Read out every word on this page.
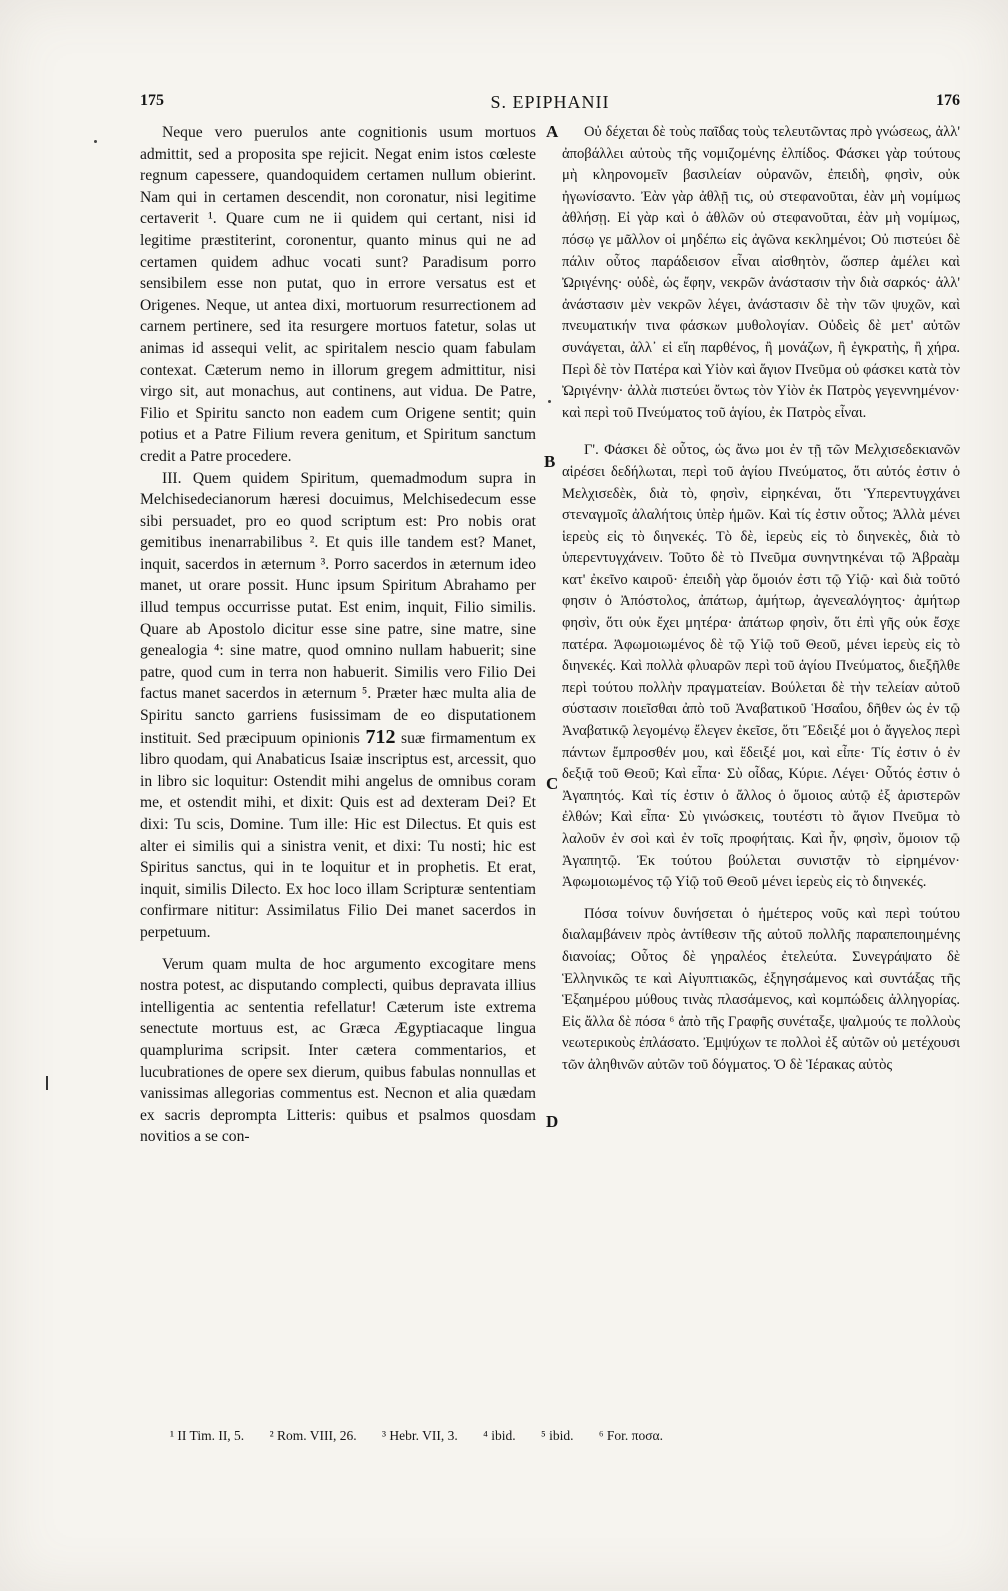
175	S. EPIPHANII	176

Neque vero puerulos ante cognitionis usum mortuos admittit, sed a proposita spe rejicit. Negat enim istos cœleste regnum capessere, quandoquidem certamen nullum obierint. Nam qui in certamen descendit, non coronatur, nisi legitime certaverit ¹. Quare cum ne ii quidem qui certant, nisi id legitime præstiterint, coronentur, quanto minus qui ne ad certamen quidem adhuc vocati sunt? Paradisum porro sensibilem esse non putat, quo in errore versatus est et Origenes. Neque, ut antea dixi, mortuorum resurrectionem ad carnem pertinere, sed ita resurgere mortuos fatetur, solas ut animas id assequi velit, ac spiritalem nescio quam fabulam contexat. Cæterum nemo in illorum gregem admittitur, nisi virgo sit, aut monachus, aut continens, aut vidua. De Patre, Filio et Spiritu sancto non eadem cum Origene sentit; quin potius et a Patre Filium revera genitum, et Spiritum sanctum credit a Patre procedere.

III. Quem quidem Spiritum, quemadmodum supra in Melchisedecianorum hæresi docuimus, Melchisedecum esse sibi persuadet, pro eo quod scriptum est: Pro nobis orat gemitibus inenarrabilibus ². Et quis ille tandem est? Manet, inquit, sacerdos in æternum ³. Porro sacerdos in æternum ideo manet, ut orare possit. Hunc ipsum Spiritum Abrahamo per illud tempus occurrisse putat. Est enim, inquit, Filio similis. Quare ab Apostolo dicitur esse sine patre, sine matre, sine genealogia ⁴: sine matre, quod omnino nullam habuerit; sine patre, quod cum in terra non habuerit. Similis vero Filio Dei factus manet sacerdos in æternum ⁵. Præter hæc multa alia de Spiritu sancto garriens fusissimam de eo disputationem instituit. Sed præcipuum opinionis 712 suæ firmamentum ex libro quodam, qui Anabaticus Isaiæ inscriptus est, arcessit, quo in libro sic loquitur: Ostendit mihi angelus de omnibus coram me, et ostendit mihi, et dixit: Quis est ad dexteram Dei? Et dixi: Tu scis, Domine. Tum ille: Hic est Dilectus. Et quis est alter ei similis qui a sinistra venit, et dixi: Tu nosti; hic est Spiritus sanctus, qui in te loquitur et in prophetis. Et erat, inquit, similis Dilecto. Ex hoc loco illam Scripturæ sententiam confirmare nititur: Assimilatus Filio Dei manet sacerdos in perpetuum.

Verum quam multa de hoc argumento excogitare mens nostra potest, ac disputando complecti, quibus depravata illius intelligentia ac sententia refellatur! Cæterum iste extrema senectute mortuus est, ac Græca Ægyptiacaque lingua quamplurima scripsit. Inter cætera commentarios, et lucubrationes de opere sex dierum, quibus fabulas nonnullas et vanissimas allegorias commentus est. Necnon et alia quædam ex sacris deprompta Litteris: quibus et psalmos quosdam novitios a se con-

A
B
C
D

Οὐ δέχεται δὲ τοὺς παῖδας τοὺς τελευτῶντας πρὸ γνώσεως, ἀλλ' ἀποβάλλει αὐτοὺς τῆς νομιζομένης ἐλπίδος. Φάσκει γὰρ τούτους μὴ κληρονομεῖν βασιλείαν οὐρανῶν, ἐπειδὴ, φησὶν, οὐκ ἠγωνίσαντο. Ἐὰν γὰρ ἀθλῇ τις, οὐ στεφανοῦται, ἐὰν μὴ νομίμως ἀθλήσῃ. Εἰ γὰρ καὶ ὁ ἀθλῶν οὐ στεφανοῦται, ἐὰν μὴ νομίμως, πόσῳ γε μᾶλλον οἱ μηδέπω εἰς ἀγῶνα κεκλημένοι; Οὐ πιστεύει δὲ πάλιν οὗτος παράδεισον εἶναι αἰσθητὸν, ὥσπερ ἀμέλει καὶ Ὠριγένης· οὐδὲ, ὡς ἔφην, νεκρῶν ἀνάστασιν τὴν διὰ σαρκός· ἀλλ' ἀνάστασιν μὲν νεκρῶν λέγει, ἀνάστασιν δὲ τὴν τῶν ψυχῶν, καὶ πνευματικήν τινα φάσκων μυθολογίαν. Οὐδεὶς δὲ μετ' αὐτῶν συνάγεται, ἀλλ᾽ εἰ εἴη παρθένος, ἢ μονάζων, ἢ ἐγκρατὴς, ἢ χήρα. Περὶ δὲ τὸν Πατέρα καὶ Υἱὸν καὶ ἅγιον Πνεῦμα οὐ φάσκει κατὰ τὸν Ὠριγένην· ἀλλὰ πιστεύει ὄντως τὸν Υἱὸν ἐκ Πατρὸς γεγεννημένον· καὶ περὶ τοῦ Πνεύματος τοῦ ἁγίου, ἐκ Πατρὸς εἶναι.

Γ'. Φάσκει δὲ οὗτος, ὡς ἄνω μοι ἐν τῇ τῶν Μελχισεδεκιανῶν αἱρέσει δεδήλωται, περὶ τοῦ ἁγίου Πνεύματος, ὅτι αὐτός ἐστιν ὁ Μελχισεδὲκ, διὰ τὸ, φησὶν, εἰρηκέναι, ὅτι Ὑπερεντυγχάνει στεναγμοῖς ἀλαλήτοις ὑπὲρ ἡμῶν. Καὶ τίς ἐστιν οὗτος; Ἀλλὰ μένει ἱερεὺς εἰς τὸ διηνεκές. Τὸ δὲ, ἱερεὺς εἰς τὸ διηνεκὲς, διὰ τὸ ὑπερεντυγχάνειν. Τοῦτο δὲ τὸ Πνεῦμα συνηντηκέναι τῷ Ἀβραὰμ κατ' ἐκεῖνο καιροῦ· ἐπειδὴ γὰρ ὅμοιόν ἐστι τῷ Υἱῷ· καὶ διὰ τοῦτό φησιν ὁ Ἀπόστολος, ἀπάτωρ, ἀμήτωρ, ἀγενεαλόγητος· ἀμήτωρ φησὶν, ὅτι οὐκ ἔχει μητέρα· ἀπάτωρ φησὶν, ὅτι ἐπὶ γῆς οὐκ ἔσχε πατέρα. Ἀφωμοιωμένος δὲ τῷ Υἱῷ τοῦ Θεοῦ, μένει ἱερεὺς εἰς τὸ διηνεκές. Καὶ πολλὰ φλυαρῶν περὶ τοῦ ἁγίου Πνεύματος, διεξῆλθε περὶ τούτου πολλὴν πραγματείαν. Βούλεται δὲ τὴν τελείαν αὐτοῦ σύστασιν ποιεῖσθαι ἀπὸ τοῦ Ἀναβατικοῦ Ἡσαΐου, δῆθεν ὡς ἐν τῷ Ἀναβατικῷ λεγομένῳ ἔλεγεν ἐκεῖσε, ὅτι Ἔδειξέ μοι ὁ ἄγγελος περὶ πάντων ἔμπροσθέν μου, καὶ ἔδειξέ μοι, καὶ εἶπε· Τίς ἐστιν ὁ ἐν δεξιᾷ τοῦ Θεοῦ; Καὶ εἶπα· Σὺ οἶδας, Κύριε. Λέγει· Οὗτός ἐστιν ὁ Ἀγαπητός. Καὶ τίς ἐστιν ὁ ἄλλος ὁ ὅμοιος αὐτῷ ἐξ ἀριστερῶν ἐλθών; Καὶ εἶπα· Σὺ γινώσκεις, τουτέστι τὸ ἅγιον Πνεῦμα τὸ λαλοῦν ἐν σοὶ καὶ ἐν τοῖς προφήταις. Καὶ ἦν, φησὶν, ὅμοιον τῷ Ἀγαπητῷ. Ἐκ τούτου βούλεται συνιστᾷν τὸ εἰρημένον· Ἀφωμοιωμένος τῷ Υἱῷ τοῦ Θεοῦ μένει ἱερεὺς εἰς τὸ διηνεκές.

Πόσα τοίνυν δυνήσεται ὁ ἡμέτερος νοῦς καὶ περὶ τούτου διαλαμβάνειν πρὸς ἀντίθεσιν τῆς αὐτοῦ πολλῆς παραπεποιημένης διανοίας; Οὗτος δὲ γηραλέος ἐτελεύτα. Συνεγράψατο δὲ Ἑλληνικῶς τε καὶ Αἰγυπτιακῶς, ἐξηγησάμενος καὶ συντάξας τῆς Ἑξαημέρου μύθους τινὰς πλασάμενος, καὶ κομπώδεις ἀλληγορίας. Εἰς ἄλλα δὲ πόσα ⁶ ἀπὸ τῆς Γραφῆς συνέταξε, ψαλμούς τε πολλοὺς νεωτερικοὺς ἐπλάσατο. Ἐμψύχων τε πολλοὶ ἐξ αὐτῶν οὐ μετέχουσι τῶν ἀληθινῶν αὐτῶν τοῦ δόγματος. Ὁ δὲ Ἱέρακας αὐτὸς

¹ II Tim. II, 5. ² Rom. VIII, 26. ³ Hebr. VII, 3. ⁴ ibid. ⁵ ibid. ⁶ For. ποσα.
